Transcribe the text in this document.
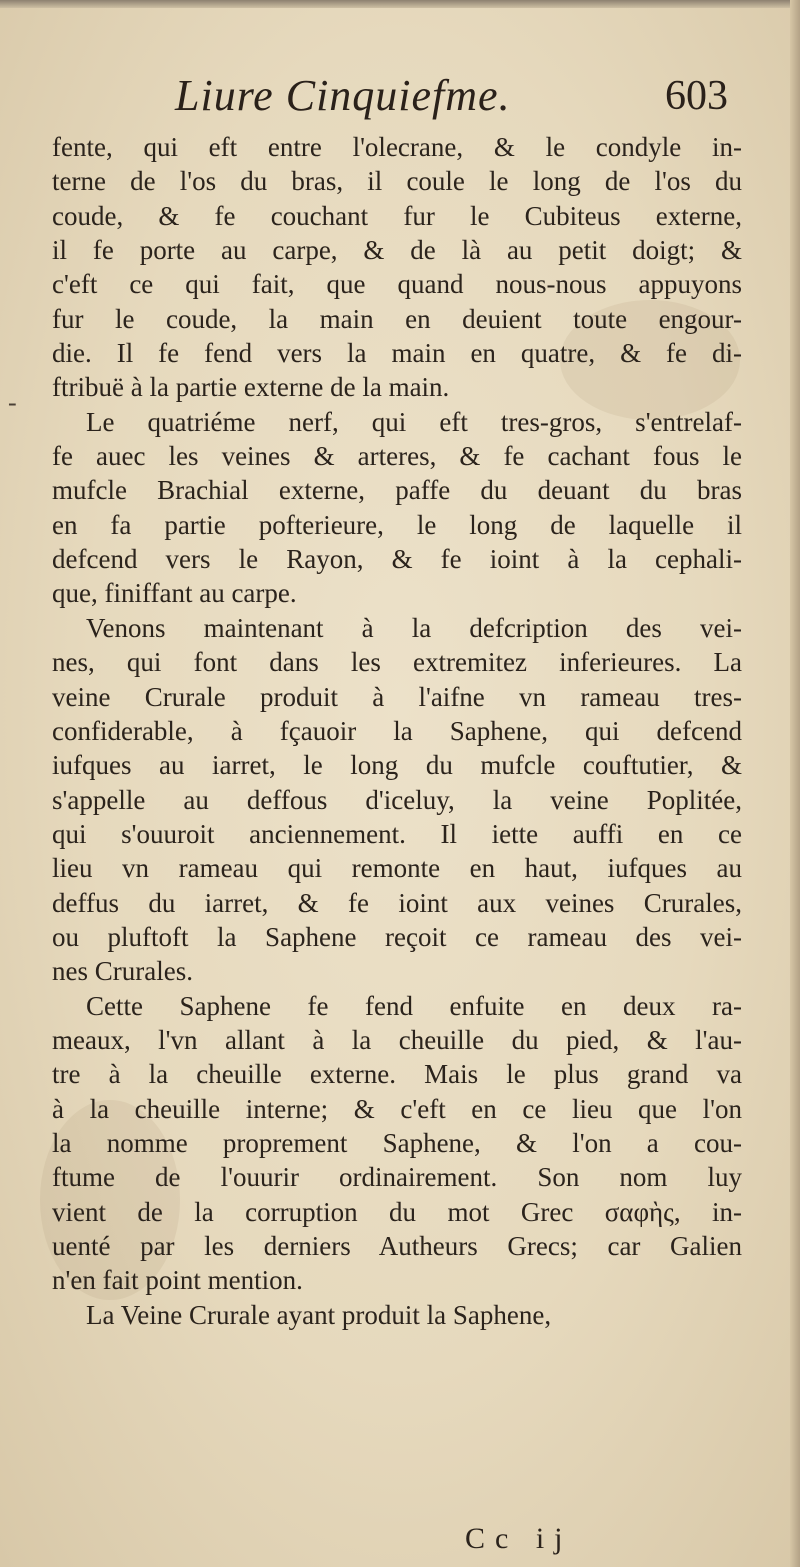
Liure Cinquiefme.	603
-
fente, qui eft entre l'olecrane, & le condyle in-
terne de l'os du bras, il coule le long de l'os du
coude, & fe couchant fur le Cubiteus externe,
il fe porte au carpe, & de là au petit doigt; &
c'eft ce qui fait, que quand nous-nous appuyons
fur le coude, la main en deuient toute engour-
die. Il fe fend vers la main en quatre, & fe di-
ftribuë à la partie externe de la main.
Le quatriéme nerf, qui eft tres-gros, s'entrelaf-
fe auec les veines & arteres, & fe cachant fous le
mufcle Brachial externe, paffe du deuant du bras
en fa partie pofterieure, le long de laquelle il
defcend vers le Rayon, & fe ioint à la cephali-
que, finiffant au carpe.
Venons maintenant à la defcription des vei-
nes, qui font dans les extremitez inferieures. La
veine Crurale produit à l'aifne vn rameau tres-
confiderable, à fçauoir la Saphene, qui defcend
iufques au iarret, le long du mufcle couftutier, &
s'appelle au deffous d'iceluy, la veine Poplitée,
qui s'ouuroit anciennement. Il iette auffi en ce
lieu vn rameau qui remonte en haut, iufques au
deffus du iarret, & fe ioint aux veines Crurales,
ou pluftoft la Saphene reçoit ce rameau des vei-
nes Crurales.
Cette Saphene fe fend enfuite en deux ra-
meaux, l'vn allant à la cheuille du pied, & l'au-
tre à la cheuille externe. Mais le plus grand va
à la cheuille interne; & c'eft en ce lieu que l'on
la nomme proprement Saphene, & l'on a cou-
ftume de l'ouurir ordinairement. Son nom luy
vient de la corruption du mot Grec σαφὴς, in-
uenté par les derniers Autheurs Grecs; car Galien
n'en fait point mention.
La Veine Crurale ayant produit la Saphene,
Cc ij
